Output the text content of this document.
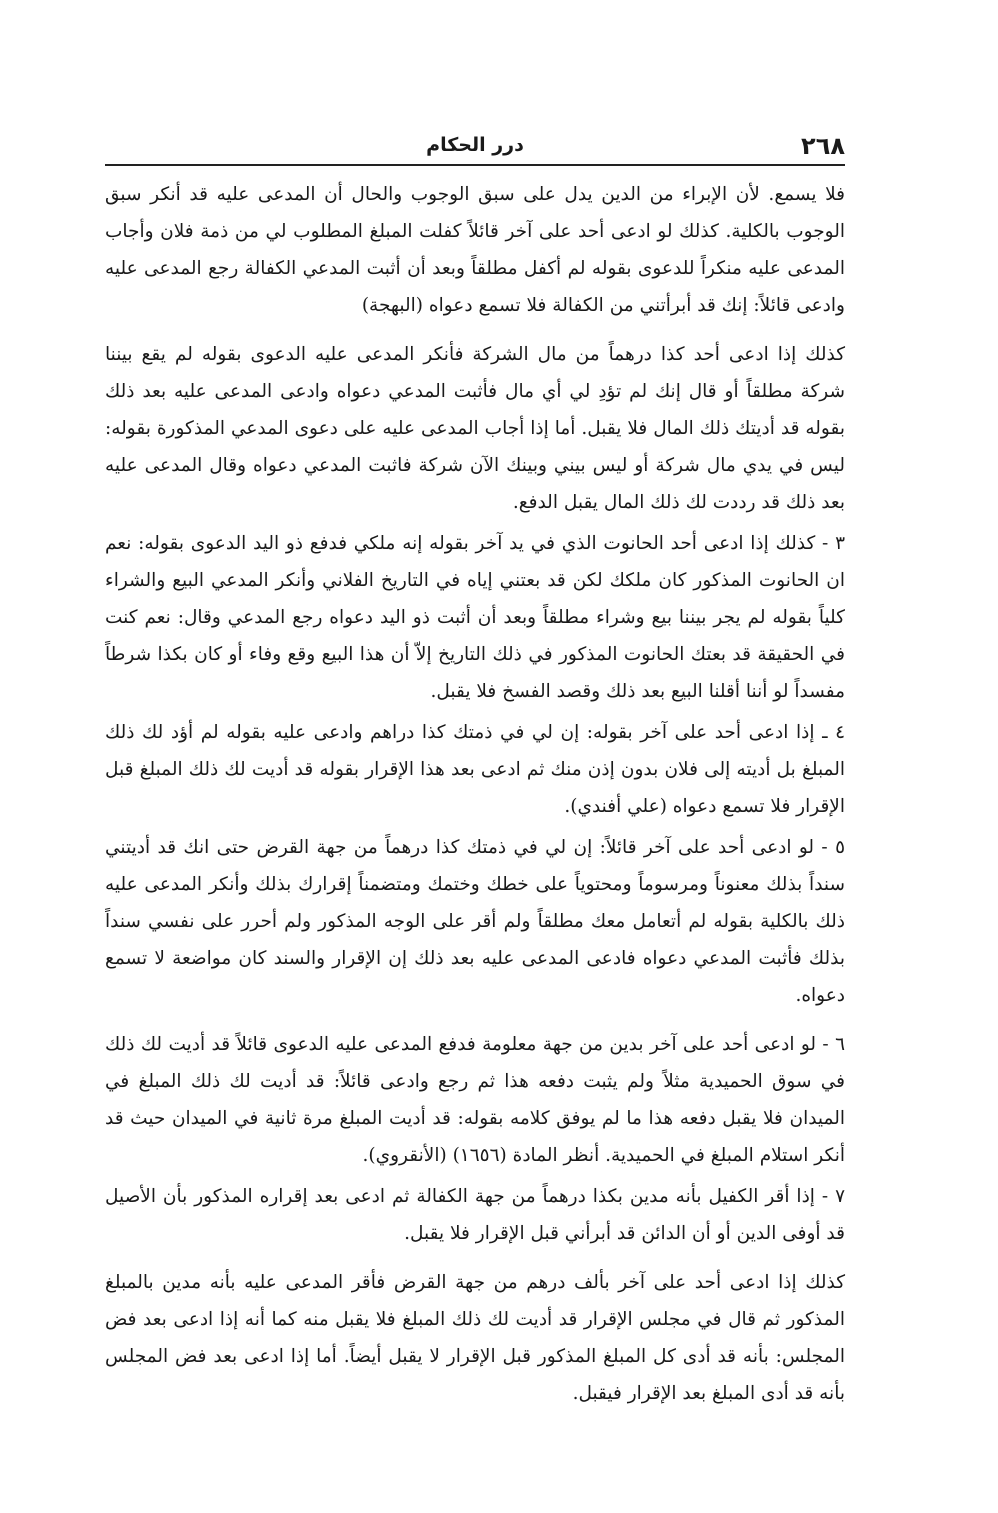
٢٦٨
درر الحكام

فلا يسمع. لأن الإبراء من الدين يدل على سبق الوجوب والحال أن المدعى عليه قد أنكر سبق الوجوب بالكلية. كذلك لو ادعى أحد على آخر قائلاً كفلت المبلغ المطلوب لي من ذمة فلان وأجاب المدعى عليه منكراً للدعوى بقوله لم أكفل مطلقاً وبعد أن أثبت المدعي الكفالة رجع المدعى عليه وادعى قائلاً: إنك قد أبرأتني من الكفالة فلا تسمع دعواه (البهجة)

كذلك إذا ادعى أحد كذا درهماً من مال الشركة فأنكر المدعى عليه الدعوى بقوله لم يقع بيننا شركة مطلقاً أو قال إنك لم تؤدِ لي أي مال فأثبت المدعي دعواه وادعى المدعى عليه بعد ذلك بقوله قد أديتك ذلك المال فلا يقبل. أما إذا أجاب المدعى عليه على دعوى المدعي المذكورة بقوله: ليس في يدي مال شركة أو ليس بيني وبينك الآن شركة فاثبت المدعي دعواه وقال المدعى عليه بعد ذلك قد رددت لك ذلك المال يقبل الدفع.

٣ - كذلك إذا ادعى أحد الحانوت الذي في يد آخر بقوله إنه ملكي فدفع ذو اليد الدعوى بقوله: نعم ان الحانوت المذكور كان ملكك لكن قد بعتني إياه في التاريخ الفلاني وأنكر المدعي البيع والشراء كلياً بقوله لم يجر بيننا بيع وشراء مطلقاً وبعد أن أثبت ذو اليد دعواه رجع المدعي وقال: نعم كنت في الحقيقة قد بعتك الحانوت المذكور في ذلك التاريخ إلاّ أن هذا البيع وقع وفاء أو كان بكذا شرطاً مفسداً لو أننا أقلنا البيع بعد ذلك وقصد الفسخ فلا يقبل.

٤ ـ إذا ادعى أحد على آخر بقوله: إن لي في ذمتك كذا دراهم وادعى عليه بقوله لم أؤد لك ذلك المبلغ بل أديته إلى فلان بدون إذن منك ثم ادعى بعد هذا الإقرار بقوله قد أديت لك ذلك المبلغ قبل الإقرار فلا تسمع دعواه (علي أفندي).

٥ - لو ادعى أحد على آخر قائلاً: إن لي في ذمتك كذا درهماً من جهة القرض حتى انك قد أديتني سنداً بذلك معنوناً ومرسوماً ومحتوياً على خطك وختمك ومتضمناً إقرارك بذلك وأنكر المدعى عليه ذلك بالكلية بقوله لم أتعامل معك مطلقاً ولم أقر على الوجه المذكور ولم أحرر على نفسي سنداً بذلك فأثبت المدعي دعواه فادعى المدعى عليه بعد ذلك إن الإقرار والسند كان مواضعة لا تسمع دعواه.

٦ - لو ادعى أحد على آخر بدين من جهة معلومة فدفع المدعى عليه الدعوى قائلاً قد أديت لك ذلك في سوق الحميدية مثلاً ولم يثبت دفعه هذا ثم رجع وادعى قائلاً: قد أديت لك ذلك المبلغ في الميدان فلا يقبل دفعه هذا ما لم يوفق كلامه بقوله: قد أديت المبلغ مرة ثانية في الميدان حيث قد أنكر استلام المبلغ في الحميدية. أنظر المادة (١٦٥٦) (الأنقروي).

٧ - إذا أقر الكفيل بأنه مدين بكذا درهماً من جهة الكفالة ثم ادعى بعد إقراره المذكور بأن الأصيل قد أوفى الدين أو أن الدائن قد أبرأني قبل الإقرار فلا يقبل.

كذلك إذا ادعى أحد على آخر بألف درهم من جهة القرض فأقر المدعى عليه بأنه مدين بالمبلغ المذكور ثم قال في مجلس الإقرار قد أديت لك ذلك المبلغ فلا يقبل منه كما أنه إذا ادعى بعد فض المجلس: بأنه قد أدى كل المبلغ المذكور قبل الإقرار لا يقبل أيضاً. أما إذا ادعى بعد فض المجلس بأنه قد أدى المبلغ بعد الإقرار فيقبل.
